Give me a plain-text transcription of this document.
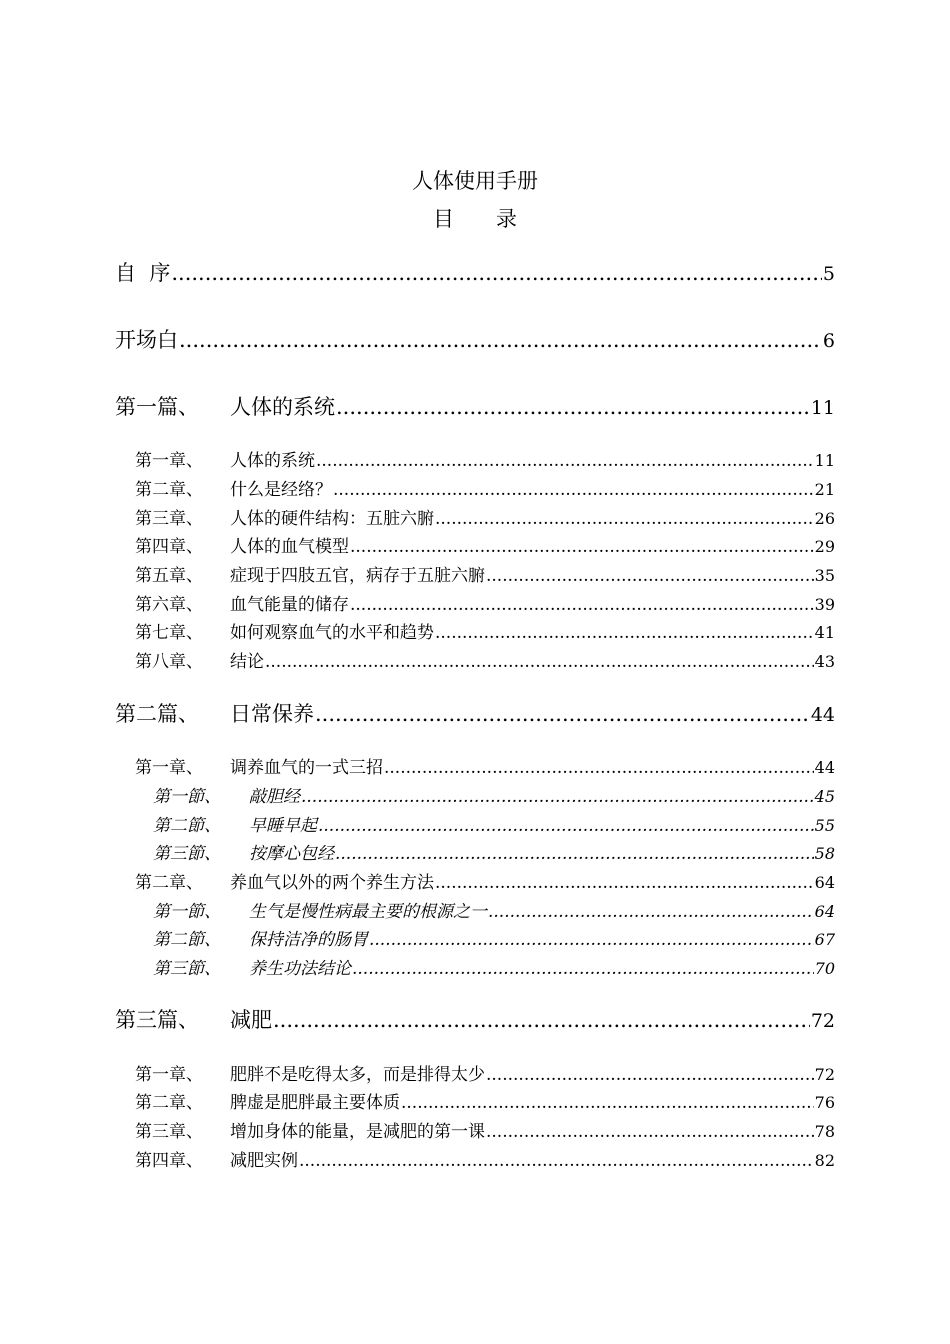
人体使用手册
目 录
自  序 .....	5
开场白 .....	6
第一篇、	人体的系统 .....	11
第一章、	人体的系统 .....	11
第二章、	什么是经络？ .....	21
第三章、	人体的硬件结构：五脏六腑 .....	26
第四章、	人体的血气模型 .....	29
第五章、	症现于四肢五官，病存于五脏六腑 .....	35
第六章、	血气能量的储存 .....	39
第七章、	如何观察血气的水平和趋势 .....	41
第八章、	结论 .....	43
第二篇、	日常保养 .....	44
第一章、	调养血气的一式三招 .....	44
第一節、	敲胆经 .....	45
第二節、	早睡早起 .....	55
第三節、	按摩心包经 .....	58
第二章、	养血气以外的两个养生方法 .....	64
第一節、	生气是慢性病最主要的根源之一 .....	64
第二節、	保持洁净的肠胃 .....	67
第三節、	养生功法结论 .....	70
第三篇、	减肥 .....	72
第一章、	肥胖不是吃得太多，而是排得太少 .....	72
第二章、	脾虚是肥胖最主要体质 .....	76
第三章、	增加身体的能量，是减肥的第一课 .....	78
第四章、	减肥实例 .....	82
